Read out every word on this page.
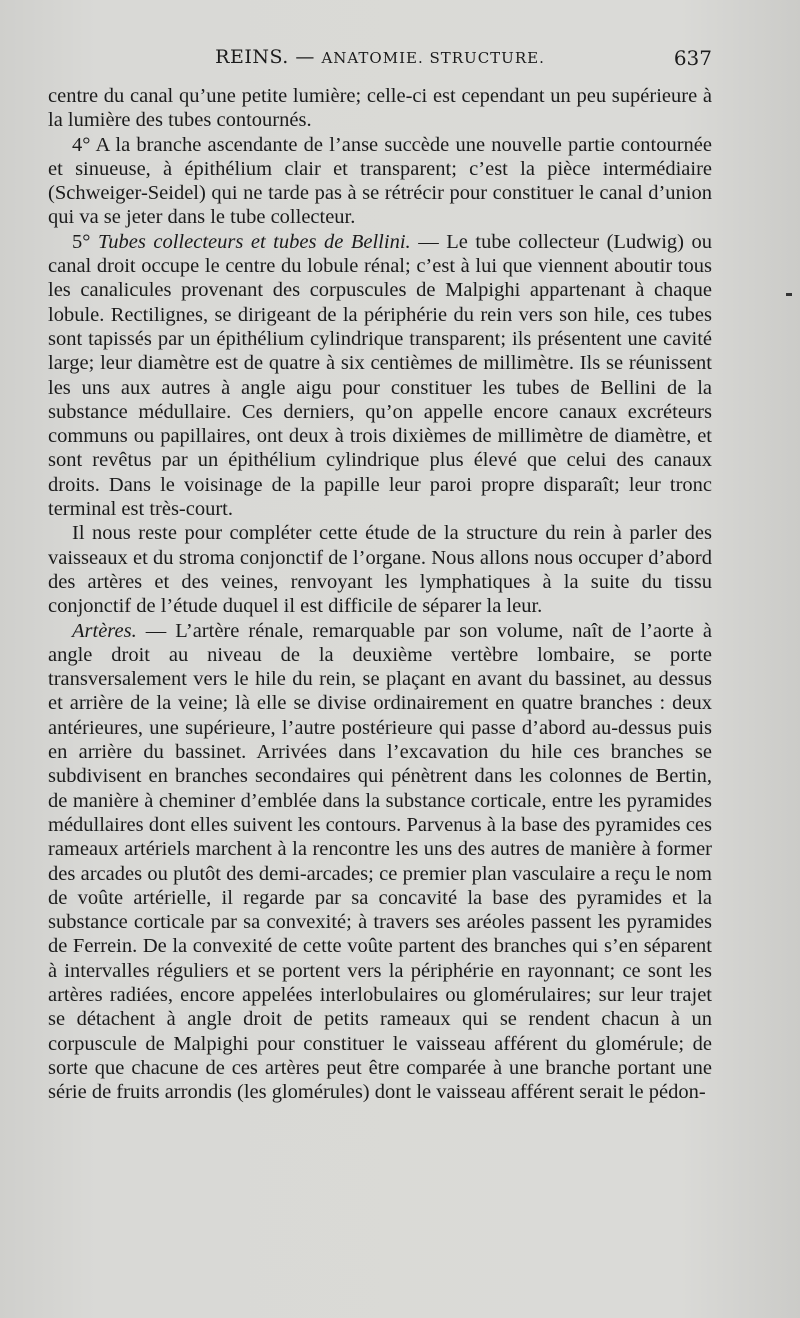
REINS. — ANATOMIE. STRUCTURE.	637

centre du canal qu’une petite lumière; celle-ci est cependant un peu supérieure à la lumière des tubes contournés.

4° A la branche ascendante de l’anse succède une nouvelle partie contournée et sinueuse, à épithélium clair et transparent; c’est la pièce intermédiaire (Schweiger-Seidel) qui ne tarde pas à se rétrécir pour constituer le canal d’union qui va se jeter dans le tube collecteur.

5° Tubes collecteurs et tubes de Bellini. — Le tube collecteur (Ludwig) ou canal droit occupe le centre du lobule rénal; c’est à lui que viennent aboutir tous les canalicules provenant des corpuscules de Malpighi appartenant à chaque lobule. Rectilignes, se dirigeant de la périphérie du rein vers son hile, ces tubes sont tapissés par un épithélium cylindrique transparent; ils présentent une cavité large; leur diamètre est de quatre à six centièmes de millimètre. Ils se réunissent les uns aux autres à angle aigu pour constituer les tubes de Bellini de la substance médullaire. Ces derniers, qu’on appelle encore canaux excréteurs communs ou papillaires, ont deux à trois dixièmes de millimètre de diamètre, et sont revêtus par un épithélium cylindrique plus élevé que celui des canaux droits. Dans le voisinage de la papille leur paroi propre disparaît; leur tronc terminal est très-court.

Il nous reste pour compléter cette étude de la structure du rein à parler des vaisseaux et du stroma conjonctif de l’organe. Nous allons nous occuper d’abord des artères et des veines, renvoyant les lymphatiques à la suite du tissu conjonctif de l’étude duquel il est difficile de séparer la leur.

Artères. — L’artère rénale, remarquable par son volume, naît de l’aorte à angle droit au niveau de la deuxième vertèbre lombaire, se porte transversalement vers le hile du rein, se plaçant en avant du bassinet, au dessus et arrière de la veine; là elle se divise ordinairement en quatre branches : deux antérieures, une supérieure, l’autre postérieure qui passe d’abord au-dessus puis en arrière du bassinet. Arrivées dans l’excavation du hile ces branches se subdivisent en branches secondaires qui pénètrent dans les colonnes de Bertin, de manière à cheminer d’emblée dans la substance corticale, entre les pyramides médullaires dont elles suivent les contours. Parvenus à la base des pyramides ces rameaux artériels marchent à la rencontre les uns des autres de manière à former des arcades ou plutôt des demi-arcades; ce premier plan vasculaire a reçu le nom de voûte artérielle, il regarde par sa concavité la base des pyramides et la substance corticale par sa convexité; à travers ses aréoles passent les pyramides de Ferrein. De la convexité de cette voûte partent des branches qui s’en séparent à intervalles réguliers et se portent vers la périphérie en rayonnant; ce sont les artères radiées, encore appelées interlobulaires ou glomérulaires; sur leur trajet se détachent à angle droit de petits rameaux qui se rendent chacun à un corpuscule de Malpighi pour constituer le vaisseau afférent du glomérule; de sorte que chacune de ces artères peut être comparée à une branche portant une série de fruits arrondis (les glomérules) dont le vaisseau afférent serait le pédon-
